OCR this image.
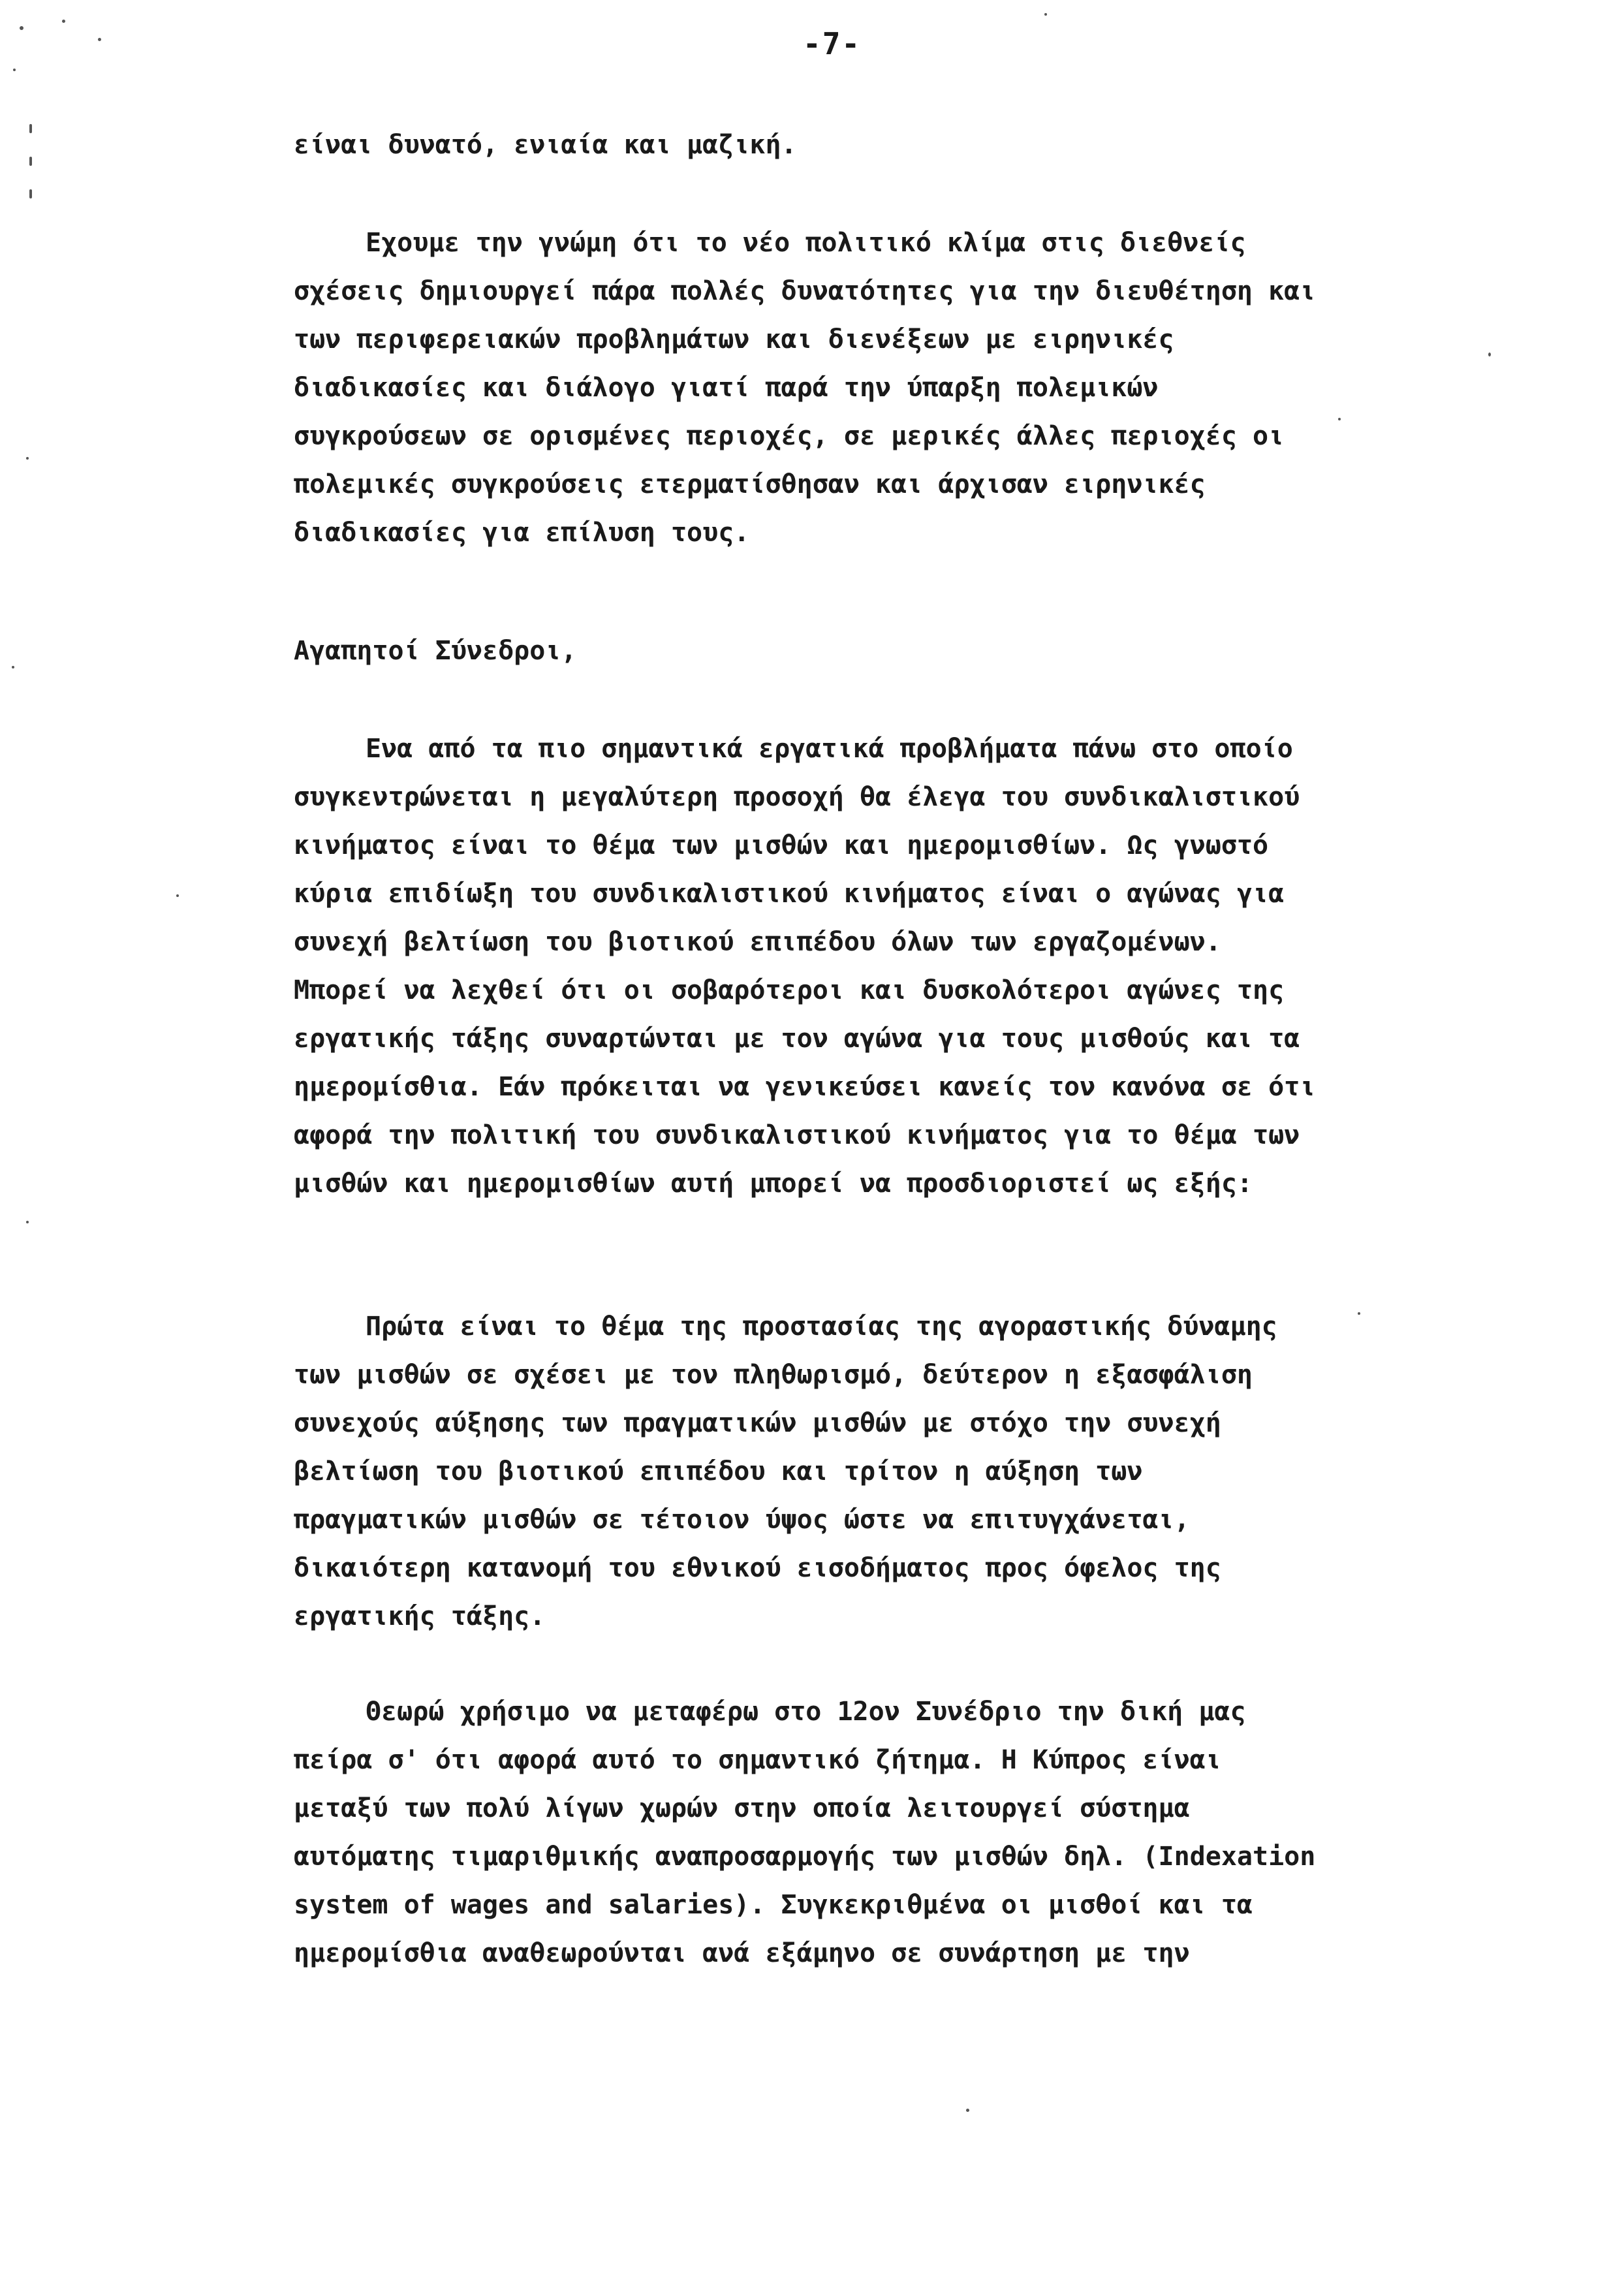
-7-
είναι δυνατό, ενιαία και μαζική.
Εχουμε την γνώμη ότι το νέο πολιτικό κλίμα στις διεθνείς
σχέσεις δημιουργεί πάρα πολλές δυνατότητες για την διευθέτηση και
των περιφερειακών προβλημάτων και διενέξεων με ειρηνικές
διαδικασίες και διάλογο γιατί παρά την ύπαρξη πολεμικών
συγκρούσεων σε ορισμένες περιοχές, σε μερικές άλλες περιοχές οι
πολεμικές συγκρούσεις ετερματίσθησαν και άρχισαν ειρηνικές
διαδικασίες για επίλυση τους.
Αγαπητοί Σύνεδροι,
Ενα από τα πιο σημαντικά εργατικά προβλήματα πάνω στο οποίο
συγκεντρώνεται η μεγαλύτερη προσοχή θα έλεγα του συνδικαλιστικού
κινήματος είναι το θέμα των μισθών και ημερομισθίων. Ως γνωστό
κύρια επιδίωξη του συνδικαλιστικού κινήματος είναι ο αγώνας για
συνεχή βελτίωση του βιοτικού επιπέδου όλων των εργαζομένων.
Μπορεί να λεχθεί ότι οι σοβαρότεροι και δυσκολότεροι αγώνες της
εργατικής τάξης συναρτώνται με τον αγώνα για τους μισθούς και τα
ημερομίσθια. Εάν πρόκειται να γενικεύσει κανείς τον κανόνα σε ότι
αφορά την πολιτική του συνδικαλιστικού κινήματος για το θέμα των
μισθών και ημερομισθίων αυτή μπορεί να προσδιοριστεί ως εξής:
Πρώτα είναι το θέμα της προστασίας της αγοραστικής δύναμης
των μισθών σε σχέσει με τον πληθωρισμό, δεύτερον η εξασφάλιση
συνεχούς αύξησης των πραγματικών μισθών με στόχο την συνεχή
βελτίωση του βιοτικού επιπέδου και τρίτον η αύξηση των
πραγματικών μισθών σε τέτοιον ύψος ώστε να επιτυγχάνεται,
δικαιότερη κατανομή του εθνικού εισοδήματος προς όφελος της
εργατικής τάξης.
Θεωρώ χρήσιμο να μεταφέρω στο 12ον Συνέδριο την δική μας
πείρα σ' ότι αφορά αυτό το σημαντικό ζήτημα. Η Κύπρος είναι
μεταξύ των πολύ λίγων χωρών στην οποία λειτουργεί σύστημα
αυτόματης τιμαριθμικής αναπροσαρμογής των μισθών δηλ. (Indexation
system of wages and salaries). Συγκεκριθμένα οι μισθοί και τα
ημερομίσθια αναθεωρούνται ανά εξάμηνο σε συνάρτηση με την
